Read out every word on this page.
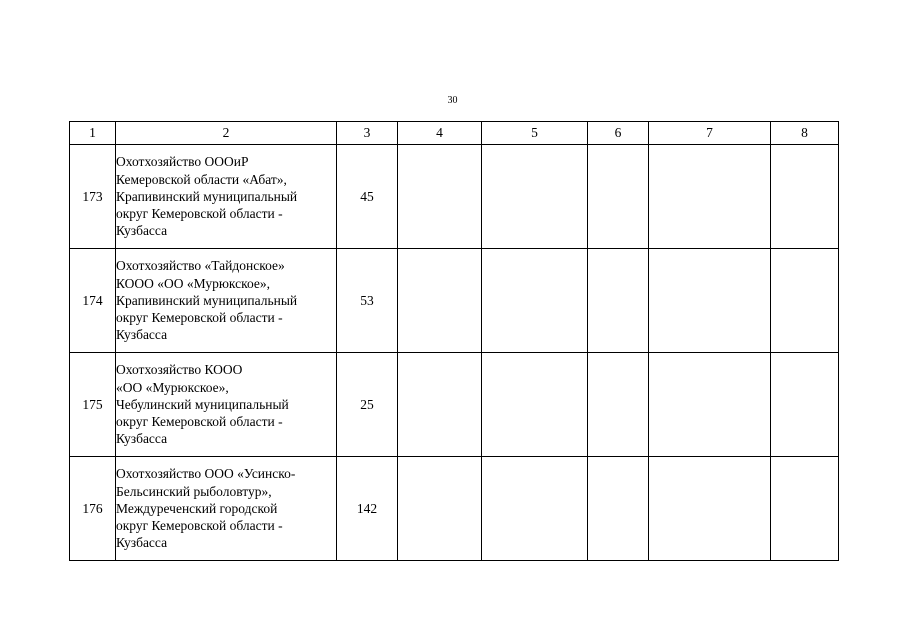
30
1	2	3	4	5	6	7	8
173	Охотхозяйство ОООиР
Кемеровской области «Абат»,
Крапивинский муниципальный
округ Кемеровской области -
Кузбасса	45					
174	Охотхозяйство «Тайдонское»
КООО «ОО «Мурюкское»,
Крапивинский муниципальный
округ Кемеровской области -
Кузбасса	53					
175	Охотхозяйство КООО
«ОО «Мурюкское»,
Чебулинский муниципальный
округ Кемеровской области -
Кузбасса	25					
176	Охотхозяйство ООО «Усинско-
Бельсинский рыболовтур»,
Междуреченский городской
округ Кемеровской области -
Кузбасса	142					
